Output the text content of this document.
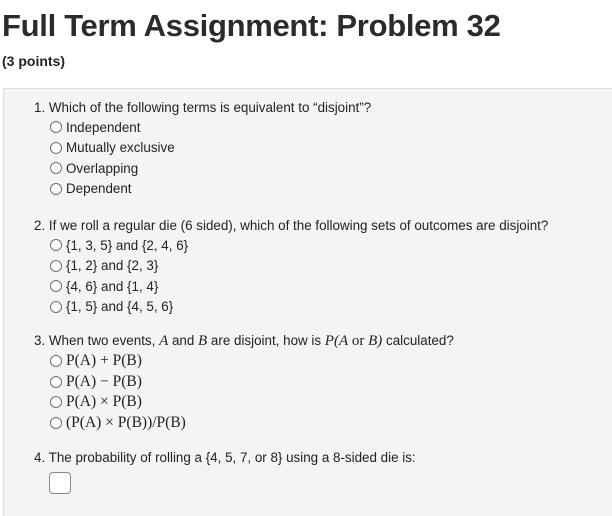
Full Term Assignment: Problem 32
(3 points)
1. Which of the following terms is equivalent to “disjoint”?
Independent
Mutually exclusive
Overlapping
Dependent
2. If we roll a regular die (6 sided), which of the following sets of outcomes are disjoint?
{1, 3, 5} and {2, 4, 6}
{1, 2} and {2, 3}
{4, 6} and {1, 4}
{1, 5} and {4, 5, 6}
3. When two events, A and B are disjoint, how is P(A or B) calculated?
P(A) + P(B)
P(A) − P(B)
P(A) × P(B)
(P(A) × P(B))/P(B)
4. The probability of rolling a {4, 5, 7, or 8} using a 8-sided die is:
